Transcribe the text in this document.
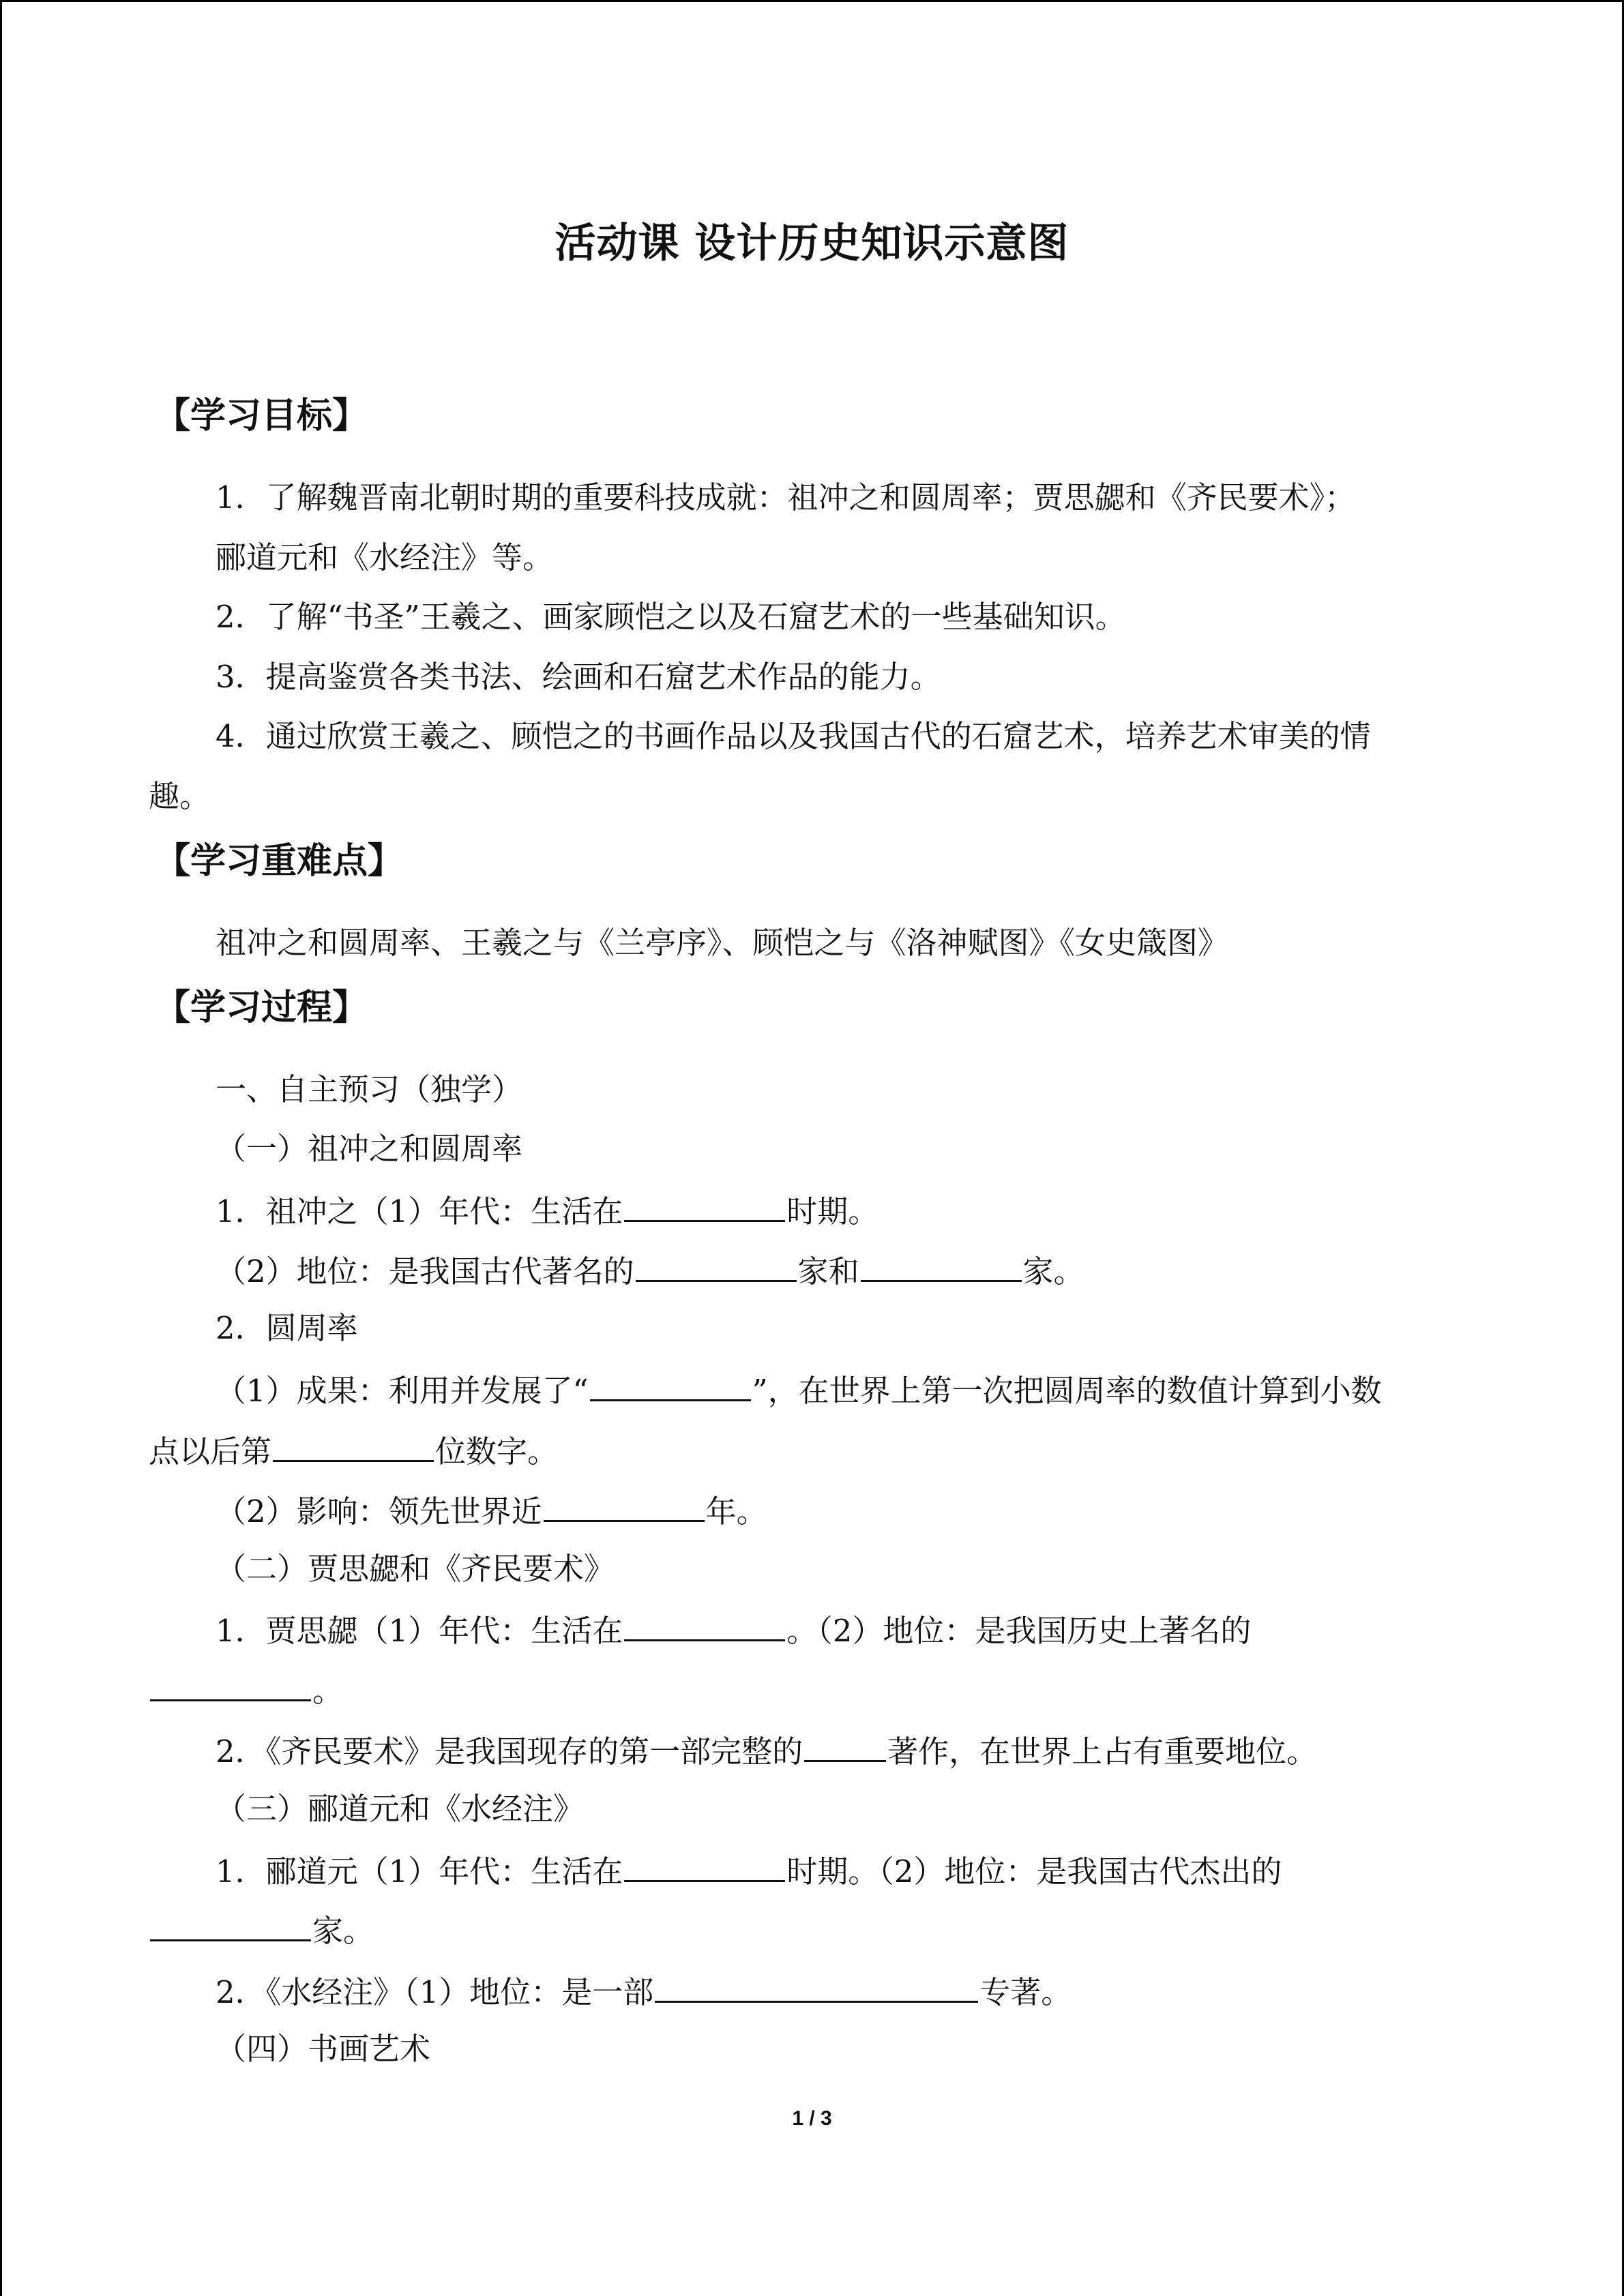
活动课 设计历史知识示意图
【学习目标】
1．了解魏晋南北朝时期的重要科技成就：祖冲之和圆周率；贾思勰和《齐民要术》；
郦道元和《水经注》等。
2．了解“书圣”王羲之、画家顾恺之以及石窟艺术的一些基础知识。
3．提高鉴赏各类书法、绘画和石窟艺术作品的能力。
4．通过欣赏王羲之、顾恺之的书画作品以及我国古代的石窟艺术，培养艺术审美的情
趣。
【学习重难点】
祖冲之和圆周率、王羲之与《兰亭序》、顾恺之与《洛神赋图》《女史箴图》
【学习过程】
一、自主预习（独学）
（一）祖冲之和圆周率
1．祖冲之（1）年代：生活在	时期。
（2）地位：是我国古代著名的	家和	家。
2．圆周率
（1）成果：利用并发展了“	”，在世界上第一次把圆周率的数值计算到小数
点以后第	位数字。
（2）影响：领先世界近	年。
（二）贾思勰和《齐民要术》
1．贾思勰（1）年代：生活在	。（2）地位：是我国历史上著名的
。
2．《齐民要术》是我国现存的第一部完整的	著作，在世界上占有重要地位。
（三）郦道元和《水经注》
1．郦道元（1）年代：生活在	时期。（2）地位：是我国古代杰出的
家。
2．《水经注》（1）地位：是一部	专著。
（四）书画艺术
1 / 3
